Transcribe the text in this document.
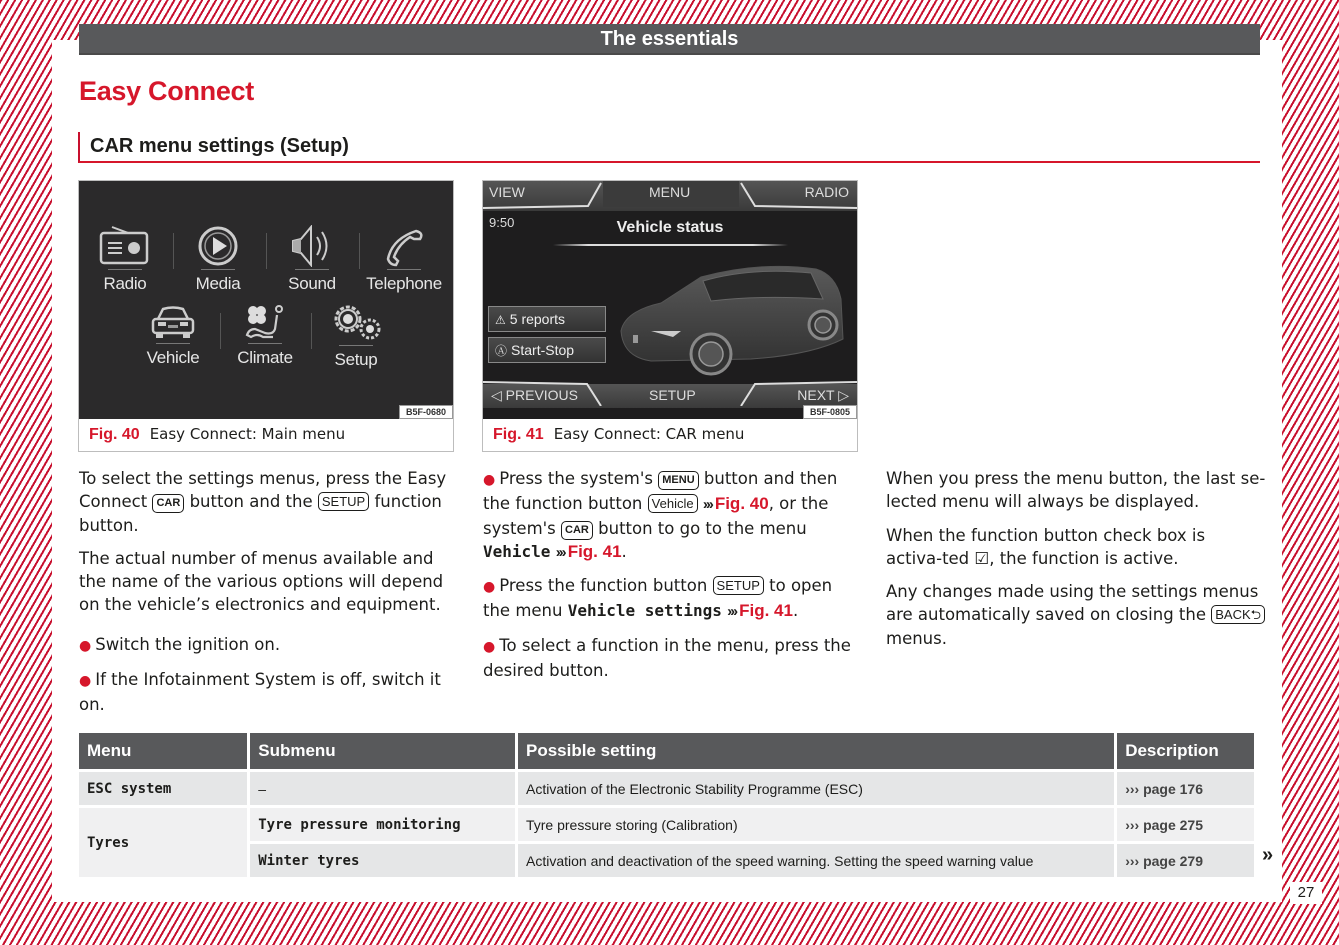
The essentials
Easy Connect
CAR menu settings (Setup)
Radio	Media	Sound	Telephone
Vehicle	Climate	Setup
B5F-0680
Fig. 40 Easy Connect: Main menu
VIEW	MENU	RADIO
9:50	Vehicle status
⚠ 5 reports
Ⓐ Start-Stop
◁ PREVIOUS	SETUP	NEXT ▷
B5F-0805
Fig. 41 Easy Connect: CAR menu

To select the settings menus, press the Easy Connect CAR button and the SETUP function button.

The actual number of menus available and the name of the various options will depend on the vehicle’s electronics and equipment.

● Switch the ignition on.

● If the Infotainment System is off, switch it on.

● Press the system's MENU button and then the function button Vehicle ››› Fig. 40, or the system's CAR button to go to the menu Vehicle ››› Fig. 41.

● Press the function button SETUP to open the menu Vehicle settings ››› Fig. 41.

● To select a function in the menu, press the desired button.

When you press the menu button, the last se-lected menu will always be displayed.

When the function button check box is activa-ted ☑, the function is active.

Any changes made using the settings menus are automatically saved on closing the BACK⮌ menus.

Menu	Submenu	Possible setting	Description
ESC system	–	Activation of the Electronic Stability Programme (ESC)	››› page 176
Tyres	Tyre pressure monitoring	Tyre pressure storing (Calibration)	››› page 275
	Winter tyres	Activation and deactivation of the speed warning. Setting the speed warning value	››› page 279	»
27
